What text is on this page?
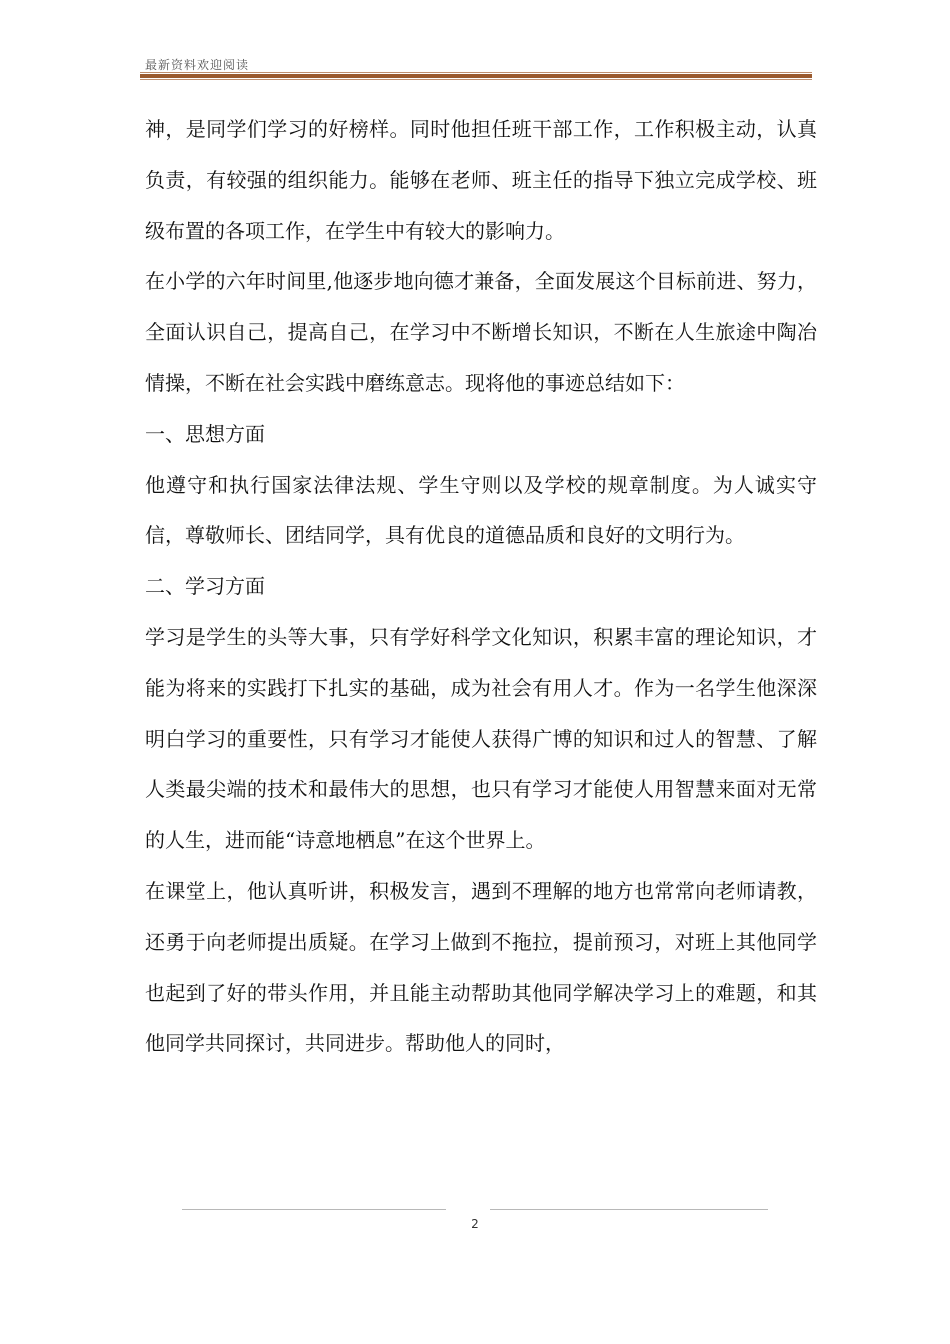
最新资料欢迎阅读

神，是同学们学习的好榜样。同时他担任班干部工作，工作积极主动，认真负责，有较强的组织能力。能够在老师、班主任的指导下独立完成学校、班级布置的各项工作，在学生中有较大的影响力。

在小学的六年时间里,他逐步地向德才兼备，全面发展这个目标前进、努力，全面认识自己，提高自己，在学习中不断增长知识，不断在人生旅途中陶冶情操，不断在社会实践中磨练意志。现将他的事迹总结如下：

一、思想方面

他遵守和执行国家法律法规、学生守则以及学校的规章制度。为人诚实守信，尊敬师长、团结同学，具有优良的道德品质和良好的文明行为。

二、学习方面

学习是学生的头等大事，只有学好科学文化知识，积累丰富的理论知识，才能为将来的实践打下扎实的基础，成为社会有用人才。作为一名学生他深深明白学习的重要性，只有学习才能使人获得广博的知识和过人的智慧、了解人类最尖端的技术和最伟大的思想，也只有学习才能使人用智慧来面对无常的人生，进而能“诗意地栖息”在这个世界上。

在课堂上，他认真听讲，积极发言，遇到不理解的地方也常常向老师请教，还勇于向老师提出质疑。在学习上做到不拖拉，提前预习，对班上其他同学也起到了好的带头作用，并且能主动帮助其他同学解决学习上的难题，和其他同学共同探讨，共同进步。帮助他人的同时，

2
